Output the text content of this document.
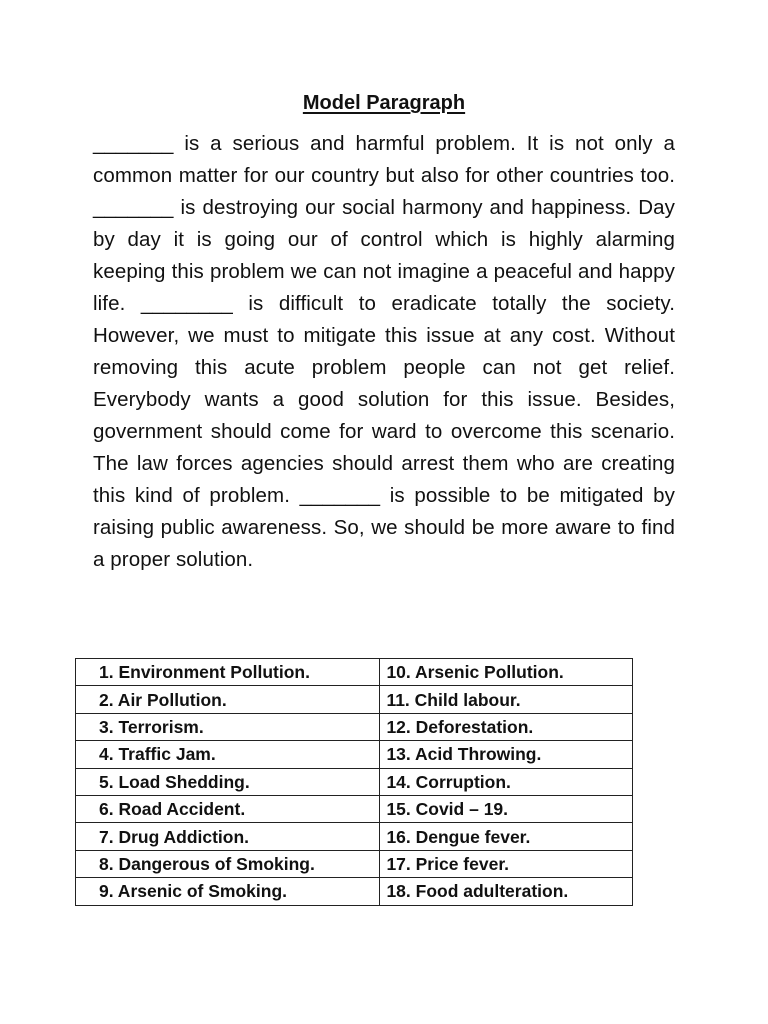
Model Paragraph

_______ is a serious and harmful problem. It is not only a common matter for our country but also for other countries too. _______ is destroying our social harmony and happiness. Day by day it is going our of control which is highly alarming keeping this problem we can not imagine a peaceful and happy life. ________ is difficult to eradicate totally the society. However, we must to mitigate this issue at any cost. Without removing this acute problem people can not get relief. Everybody wants a good solution for this issue. Besides, government should come for ward to overcome this scenario. The law forces agencies should arrest them who are creating this kind of problem. _______ is possible to be mitigated by raising public awareness. So, we should be more aware to find a proper solution.

1. Environment Pollution.	10. Arsenic Pollution.
2. Air Pollution.	11. Child labour.
3. Terrorism.	12. Deforestation.
4. Traffic Jam.	13. Acid Throwing.
5. Load Shedding.	14. Corruption.
6. Road Accident.	15. Covid – 19.
7. Drug Addiction.	16. Dengue fever.
8. Dangerous of Smoking.	17. Price fever.
9. Arsenic of Smoking.	18. Food adulteration.
